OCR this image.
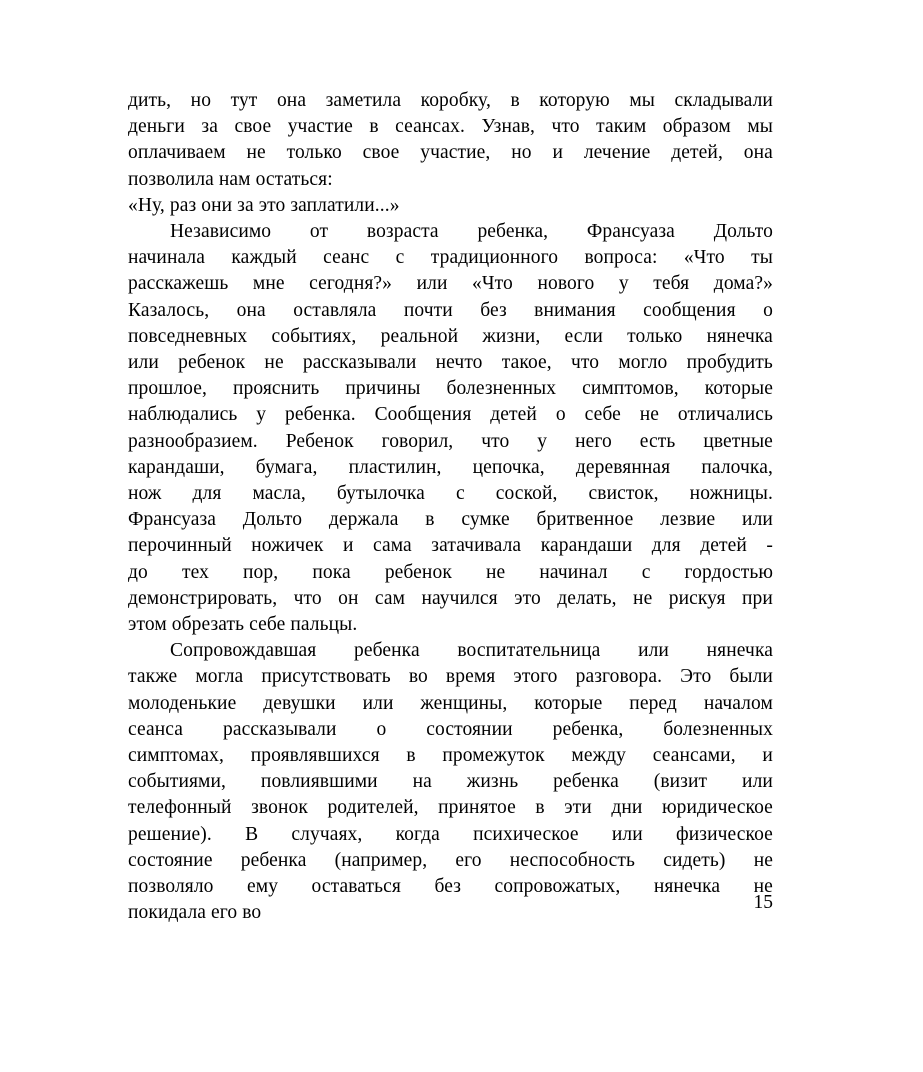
дить, но тут она заметила коробку, в которую мы складывали
деньги за свое участие в сеансах. Узнав, что таким образом мы
оплачиваем не только свое участие, но и лечение детей, она
позволила нам остаться:
«Ну, раз они за это заплатили...»
Независимо от возраста ребенка, Франсуаза Дольто
начинала каждый сеанс с традиционного вопроса: «Что ты
расскажешь мне сегодня?» или «Что нового у тебя дома?»
Казалось, она оставляла почти без внимания сообщения о
повседневных событиях, реальной жизни, если только нянечка
или ребенок не рассказывали нечто такое, что могло пробудить
прошлое, прояснить причины болезненных симптомов, которые
наблюдались у ребенка. Сообщения детей о себе не отличались
разнообразием. Ребенок говорил, что у него есть цветные
карандаши, бумага, пластилин, цепочка, деревянная палочка,
нож для масла, бутылочка с соской, свисток, ножницы.
Франсуаза Дольто держала в сумке бритвенное лезвие или
перочинный ножичек и сама затачивала карандаши для детей -
до тех пор, пока ребенок не начинал с гордостью
демонстрировать, что он сам научился это делать, не рискуя при
этом обрезать себе пальцы.
Сопровождавшая ребенка воспитательница или нянечка
также могла присутствовать во время этого разговора. Это были
молоденькие девушки или женщины, которые перед началом
сеанса рассказывали о состоянии ребенка, болезненных
симптомах, проявлявшихся в промежуток между сеансами, и
событиями, повлиявшими на жизнь ребенка (визит или
телефонный звонок родителей, принятое в эти дни юридическое
решение). В случаях, когда психическое или физическое
состояние ребенка (например, его неспособность сидеть) не
позволяло ему оставаться без сопровожатых, нянечка не
покидала его во	15
